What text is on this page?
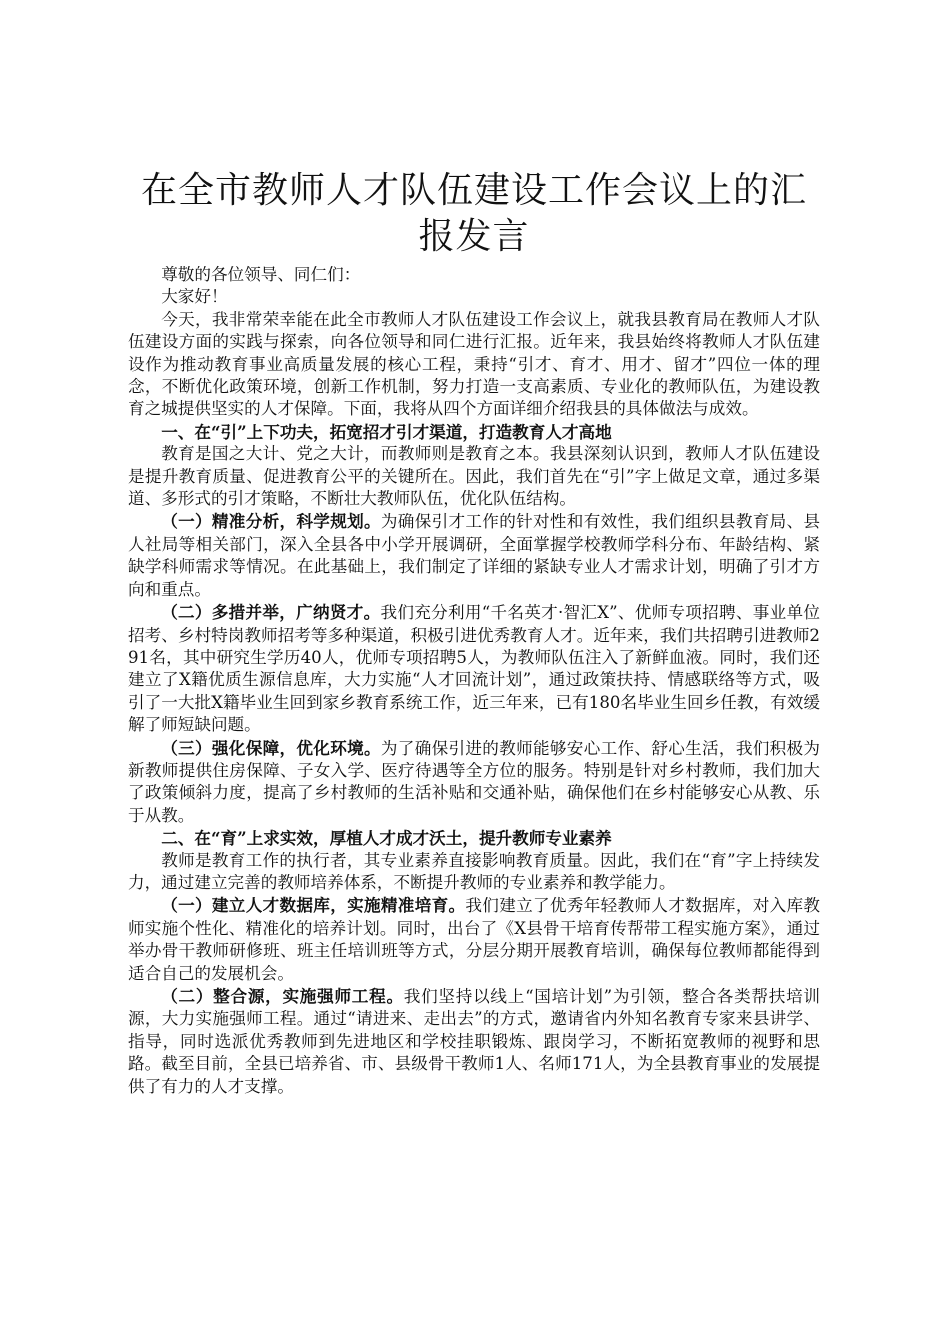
在全市教师人才队伍建设工作会议上的汇报发言

尊敬的各位领导、同仁们：

大家好！

今天，我非常荣幸能在此全市教师人才队伍建设工作会议上，就我县教育局在教师人才队伍建设方面的实践与探索，向各位领导和同仁进行汇报。近年来，我县始终将教师人才队伍建设作为推动教育事业高质量发展的核心工程，秉持“引才、育才、用才、留才”四位一体的理念，不断优化政策环境，创新工作机制，努力打造一支高素质、专业化的教师队伍，为建设教育之城提供坚实的人才保障。下面，我将从四个方面详细介绍我县的具体做法与成效。

一、在“引”上下功夫，拓宽招才引才渠道，打造教育人才高地

教育是国之大计、党之大计，而教师则是教育之本。我县深刻认识到，教师人才队伍建设是提升教育质量、促进教育公平的关键所在。因此，我们首先在“引”字上做足文章，通过多渠道、多形式的引才策略，不断壮大教师队伍，优化队伍结构。

（一）精准分析，科学规划。为确保引才工作的针对性和有效性，我们组织县教育局、县人社局等相关部门，深入全县各中小学开展调研，全面掌握学校教师学科分布、年龄结构、紧缺学科师需求等情况。在此基础上，我们制定了详细的紧缺专业人才需求计划，明确了引才方向和重点。

（二）多措并举，广纳贤才。我们充分利用“千名英才·智汇X”、优师专项招聘、事业单位招考、乡村特岗教师招考等多种渠道，积极引进优秀教育人才。近年来，我们共招聘引进教师291名，其中研究生学历40人，优师专项招聘5人，为教师队伍注入了新鲜血液。同时，我们还建立了X籍优质生源信息库，大力实施“人才回流计划”，通过政策扶持、情感联络等方式，吸引了一大批X籍毕业生回到家乡教育系统工作，近三年来，已有180名毕业生回乡任教，有效缓解了师短缺问题。

（三）强化保障，优化环境。为了确保引进的教师能够安心工作、舒心生活，我们积极为新教师提供住房保障、子女入学、医疗待遇等全方位的服务。特别是针对乡村教师，我们加大了政策倾斜力度，提高了乡村教师的生活补贴和交通补贴，确保他们在乡村能够安心从教、乐于从教。

二、在“育”上求实效，厚植人才成才沃土，提升教师专业素养

教师是教育工作的执行者，其专业素养直接影响教育质量。因此，我们在“育”字上持续发力，通过建立完善的教师培养体系，不断提升教师的专业素养和教学能力。

（一）建立人才数据库，实施精准培育。我们建立了优秀年轻教师人才数据库，对入库教师实施个性化、精准化的培养计划。同时，出台了《X县骨干培育传帮带工程实施方案》，通过举办骨干教师研修班、班主任培训班等方式，分层分期开展教育培训，确保每位教师都能得到适合自己的发展机会。

（二）整合源，实施强师工程。我们坚持以线上“国培计划”为引领，整合各类帮扶培训源，大力实施强师工程。通过“请进来、走出去”的方式，邀请省内外知名教育专家来县讲学、指导，同时选派优秀教师到先进地区和学校挂职锻炼、跟岗学习，不断拓宽教师的视野和思路。截至目前，全县已培养省、市、县级骨干教师1人、名师171人，为全县教育事业的发展提供了有力的人才支撑。
